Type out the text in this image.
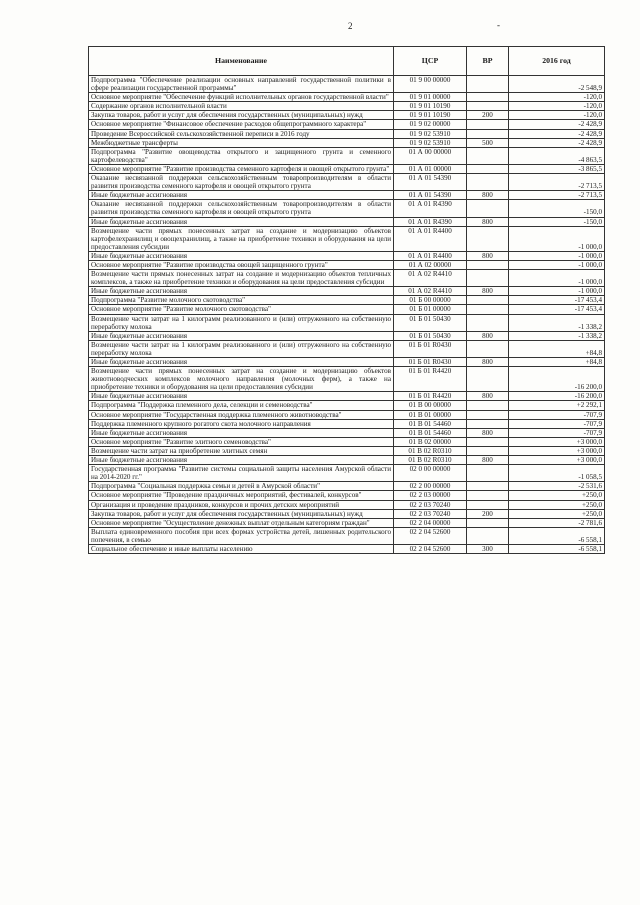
2	-
Наименование	ЦСР	ВР	2016 год
Подпрограмма "Обеспечение реализации основных направлений государственной политики в сфере реализации государственной программы"	01 9 00 00000		-2 548,9
Основное мероприятие "Обеспечение функций исполнительных органов государственной власти"	01 9 01 00000		-120,0
Содержание органов исполнительной власти	01 9 01 10190		-120,0
Закупка товаров, работ и услуг для обеспечения государственных (муниципальных) нужд	01 9 01 10190	200	-120,0
Основное мероприятие "Финансовое обеспечение расходов общепрограммного характера"	01 9 02 00000		-2 428,9
Проведение Всероссийской сельскохозяйственной переписи в 2016 году	01 9 02 53910		-2 428,9
Межбюджетные трансферты	01 9 02 53910	500	-2 428,9
Подпрограмма "Развитие овощеводства открытого и защищенного грунта и семенного картофелеводства"	01 А 00 00000		-4 863,5
Основное мероприятие "Развитие производства семенного картофеля и овощей открытого грунта"	01 А 01 00000		-3 865,5
Оказание несвязанной поддержки сельскохозяйственным товаропроизводителям в области развития производства семенного картофеля и овощей открытого грунта	01 А 01 54390		-2 713,5
Иные бюджетные ассигнования	01 А 01 54390	800	-2 713,5
Оказание несвязанной поддержки сельскохозяйственным товаропроизводителям в области развития производства семенного картофеля и овощей открытого грунта	01 А 01 R4390		-150,0
Иные бюджетные ассигнования	01 А 01 R4390	800	-150,0
Возмещение части прямых понесенных затрат на создание и модернизацию объектов картофелехранилищ и овощехранилищ, а также на приобретение техники и оборудования на цели предоставления субсидии	01 А 01 R4400		-1 000,0
Иные бюджетные ассигнования	01 А 01 R4400	800	-1 000,0
Основное мероприятие "Развитие производства овощей защищенного грунта"	01 А 02 00000		-1 000,0
Возмещение части прямых понесенных затрат на создание и модернизацию объектов тепличных комплексов, а также на приобретение техники и оборудования на цели предоставления субсидии	01 А 02 R4410		-1 000,0
Иные бюджетные ассигнования	01 А 02 R4410	800	-1 000,0
Подпрограмма "Развитие молочного скотоводства"	01 Б 00 00000		-17 453,4
Основное мероприятие "Развитие молочного скотоводства"	01 Б 01 00000		-17 453,4
Возмещение части затрат на 1 килограмм реализованного и (или) отгруженного на собственную переработку молока	01 Б 01 50430		-1 338,2
Иные бюджетные ассигнования	01 Б 01 50430	800	-1 338,2
Возмещение части затрат на 1 килограмм реализованного и (или) отгруженного на собственную переработку молока	01 Б 01 R0430		+84,8
Иные бюджетные ассигнования	01 Б 01 R0430	800	+84,8
Возмещение части прямых понесенных затрат на создание и модернизацию объектов животноводческих комплексов молочного направления (молочных ферм), а также на приобретение техники и оборудования на цели предоставления субсидии	01 Б 01 R4420		-16 200,0
Иные бюджетные ассигнования	01 Б 01 R4420	800	-16 200,0
Подпрограмма "Поддержка племенного дела, селекции и семеноводства"	01 В 00 00000		+2 292,1
Основное мероприятие "Государственная поддержка племенного животноводства"	01 В 01 00000		-707,9
Поддержка племенного крупного рогатого скота молочного направления	01 В 01 54460		-707,9
Иные бюджетные ассигнования	01 В 01 54460	800	-707,9
Основное мероприятие "Развитие элитного семеноводства"	01 В 02 00000		+3 000,0
Возмещение части затрат на приобретение элитных семян	01 В 02 R0310		+3 000,0
Иные бюджетные ассигнования	01 В 02 R0310	800	+3 000,0
Государственная программа "Развитие системы социальной защиты населения Амурской области на 2014-2020 гг."	02 0 00 00000		-1 058,5
Подпрограмма "Социальная поддержка семьи и детей в Амурской области"	02 2 00 00000		-2 531,6
Основное мероприятие "Проведение праздничных мероприятий, фестивалей, конкурсов"	02 2 03 00000		+250,0
Организация и проведение праздников, конкурсов и прочих детских мероприятий	02 2 03 70240		+250,0
Закупка товаров, работ и услуг для обеспечения государственных (муниципальных) нужд	02 2 03 70240	200	+250,0
Основное мероприятие "Осуществление денежных выплат отдельным категориям граждан"	02 2 04 00000		-2 781,6
Выплата единовременного пособия при всех формах устройства детей, лишенных родительского попечения, в семью	02 2 04 52600		-6 558,1
Социальное обеспечение и иные выплаты населению	02 2 04 52600	300	-6 558,1
